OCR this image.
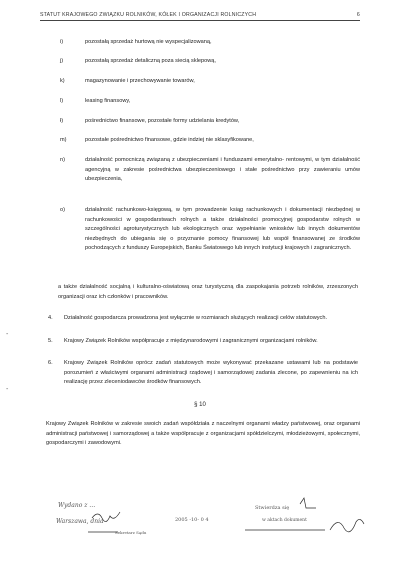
STATUT KRAJOWEGO ZWIĄZKU ROLNIKÓW, KÓŁEK I ORGANIZACJI ROLNICZYCH	6
i)	pozostałą sprzedaż hurtową nie wyspecjalizowaną,
j)	pozostałą sprzedaż detaliczną poza siecią sklepową,
k)	magazynowanie i przechowywanie towarów,
l)	leasing finansowy,
ł)	pośrednictwo finansowe, pozostałe formy udzielania kredytów,
m)	pozostałe pośrednictwo finansowe, gdzie indziej nie sklasyfikowane,
n)	działalność pomocniczą związaną z ubezpieczeniami i funduszami emerytalno- rentowymi, w tym działalność agencyjną w zakresie pośrednictwa ubezpieczeniowego i stałe pośrednictwo przy zawieraniu umów ubezpieczenia,
o)	działalność rachunkowo-księgową, w tym prowadzenie ksiąg rachunkowych i dokumentacji niezbędnej w rachunkowości w gospodarstwach rolnych a także działalności promocyjnej gospodarstw rolnych w szczególności agroturystycznych lub ekologicznych oraz wypełnianie wniosków lub innych dokumentów niezbędnych do ubiegania się o przyznanie pomocy finansowej lub współ finansowanej ze środków pochodzących z funduszy Europejskich, Banku Światowego lub innych instytucji krajowych i zagranicznych.
a także działalność socjalną i kulturalno-oświatową oraz turystyczną dla zaspokajania potrzeb rolników, zrzeszonych organizacji oraz ich członków i pracowników.
4. Działalność gospodarcza prowadzona jest wyłącznie w rozmiarach służących realizacji celów statutowych.
5. Krajowy Związek Rolników współpracuje z międzynarodowymi i zagranicznymi organizacjami rolników.
6. Krajowy Związek Rolników oprócz zadań statutowych może wykonywać przekazane ustawami lub na podstawie porozumień z właściwymi organami administracji rządowej i samorządowej zadania zlecone, po zapewnieniu na ich realizację przez zleceniodawców środków finansowych.
-
-
§ 10
Krajowy Związek Rolników w zakresie swoich zadań współdziała z naczelnymi organami władzy państwowej, oraz organami administracji państwowej i samorządowej a także współpracuje z organizacjami spółdzielczymi, młodzieżowymi, społecznymi, gospodarczymi i zawodowymi.
Wydano z …
Warszawa, dnia
Sekretarz Sądu
2005 -10- 0 4
Stwierdza się
w aktach dokument
